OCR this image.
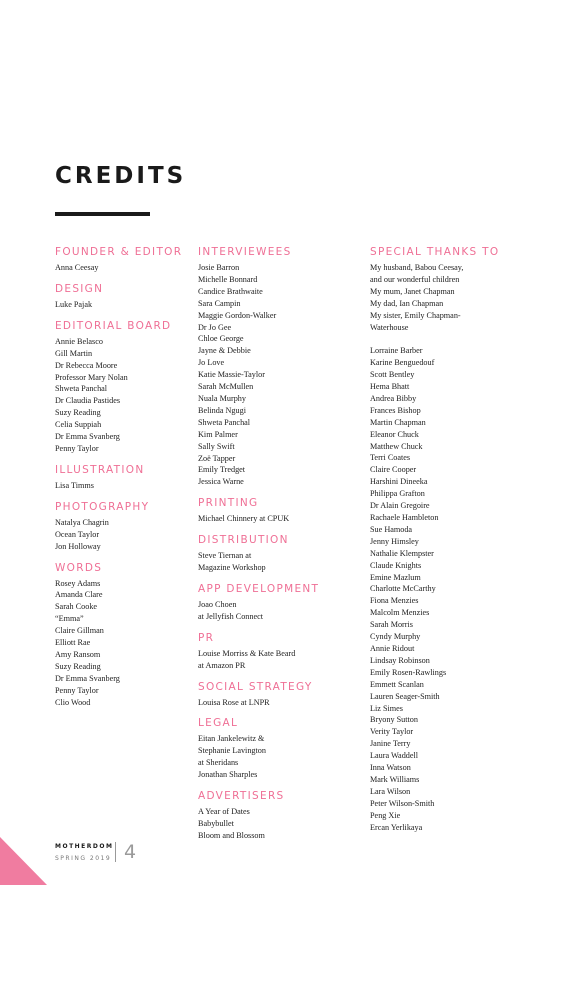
CREDITS
FOUNDER & EDITOR
Anna Ceesay
DESIGN
Luke Pajak
EDITORIAL BOARD
Annie Belasco
Gill Martin
Dr Rebecca Moore
Professor Mary Nolan
Shweta Panchal
Dr Claudia Pastides
Suzy Reading
Celia Suppiah
Dr Emma Svanberg
Penny Taylor
ILLUSTRATION
Lisa Timms
PHOTOGRAPHY
Natalya Chagrin
Ocean Taylor
Jon Holloway
WORDS
Rosey Adams
Amanda Clare
Sarah Cooke
“Emma”
Claire Gillman
Elliott Rae
Amy Ransom
Suzy Reading
Dr Emma Svanberg
Penny Taylor
Clio Wood
INTERVIEWEES
Josie Barron
Michelle Bonnard
Candice Brathwaite
Sara Campin
Maggie Gordon-Walker
Dr Jo Gee
Chloe George
Jayne & Debbie
Jo Love
Katie Massie-Taylor
Sarah McMullen
Nuala Murphy
Belinda Ngugi
Shweta Panchal
Kim Palmer
Sally Swift
Zoë Tapper
Emily Tredget
Jessica Warne
PRINTING
Michael Chinnery at CPUK
DISTRIBUTION
Steve Tiernan at
Magazine Workshop
APP DEVELOPMENT
Joao Choen
at Jellyfish Connect
PR
Louise Morriss & Kate Beard
at Amazon PR
SOCIAL STRATEGY
Louisa Rose at LNPR
LEGAL
Eitan Jankelewitz &
Stephanie Lavington
at Sheridans
Jonathan Sharples
ADVERTISERS
A Year of Dates
Babybullet
Bloom and Blossom
SPECIAL THANKS TO
My husband, Babou Ceesay,
and our wonderful children
My mum, Janet Chapman
My dad, Ian Chapman
My sister, Emily Chapman-
Waterhouse
Lorraine Barber
Karine Benguedouf
Scott Bentley
Hema Bhatt
Andrea Bibby
Frances Bishop
Martin Chapman
Eleanor Chuck
Matthew Chuck
Terri Coates
Claire Cooper
Harshini Dineeka
Philippa Grafton
Dr Alain Gregoire
Rachaele Hambleton
Sue Hamoda
Jenny Himsley
Nathalie Klempster
Claude Knights
Emine Mazlum
Charlotte McCarthy
Fiona Menzies
Malcolm Menzies
Sarah Morris
Cyndy Murphy
Annie Ridout
Lindsay Robinson
Emily Rosen-Rawlings
Emmett Scanlan
Lauren Seager-Smith
Liz Simes
Bryony Sutton
Verity Taylor
Janine Terry
Laura Waddell
Inna Watson
Mark Williams
Lara Wilson
Peter Wilson-Smith
Peng Xie
Ercan Yerlikaya
MOTHERDOM
SPRING 2019 4
